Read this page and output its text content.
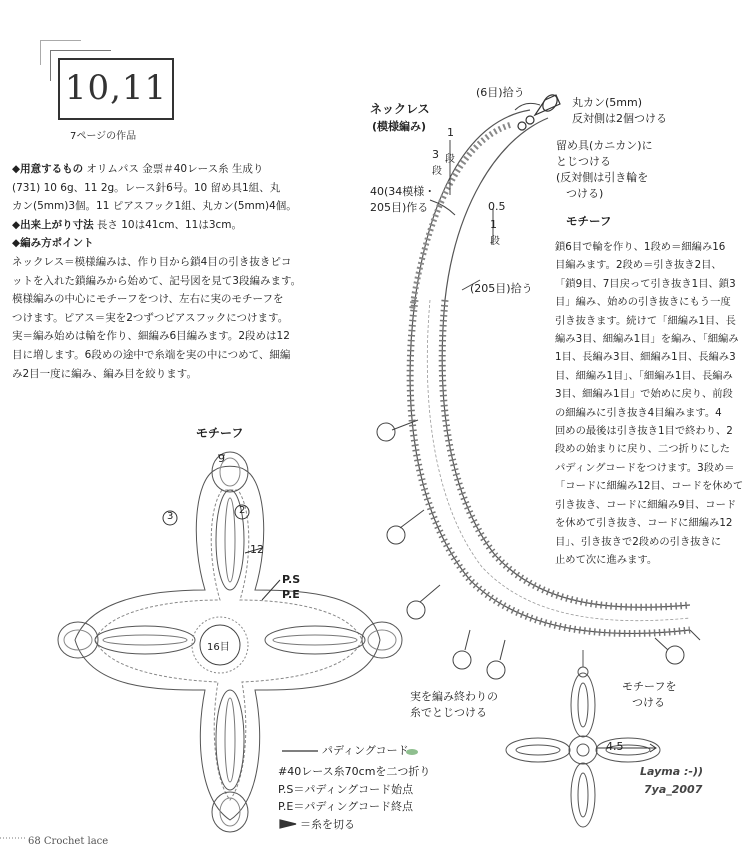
10,11
7ページの作品

◆用意するもの オリムパス 金票＃40レース糸 生成り

(731) 10 6g、11 2g。レース針6号。10 留め具1組、丸

カン(5mm)3個。11 ピアスフック1組、丸カン(5mm)4個。

◆出来上がり寸法 長さ 10は41cm、11は3cm。

◆編み方ポイント

ネックレス＝模様編みは、作り目から鎖4目の引き抜きピコ

ットを入れた鎖編みから始めて、記号図を見て3段編みます。

模様編みの中心にモチーフをつけ、左右に実のモチーフを

つけます。ピアス＝実を2つずつピアスフックにつけます。

実＝編み始めは輪を作り、細編み6目編みます。2段めは12

目に増します。6段めの途中で糸端を実の中につめて、細編

み2目一度に編み、編み目を絞ります。

ネックレス
(模様編み)
(6目)拾う
丸カン(5mm)
反対側は2個つける
留め具(カニカン)に
とじつける
(反対側は引き輪を
つける)
1
段
3
段
40(34模様・
205目)作る	0.5
1
段
(205目)拾う
実を編み終わりの
糸でとじつける
モチーフを
つける
4.5
モチーフ

鎖6目で輪を作り、1段め＝細編み16

目編みます。2段め＝引き抜き2目、

「鎖9目、7目戻って引き抜き1目、鎖3

目」編み、始めの引き抜きにもう一度

引き抜きます。続けて「細編み1目、長

編み3目、細編み1目」を編み、「細編み

1目、長編み3目、細編み1目、長編み3

目、細編み1目」、「細編み1目、長編み

3目、細編み1目」で始めに戻り、前段

の細編みに引き抜き4目編みます。4

回めの最後は引き抜き1目で終わり、2

段めの始まりに戻り、二つ折りにした

パディングコードをつけます。3段め＝

「コードに細編み12目、コードを休めて

引き抜き、コードに細編み9目、コード

を休めて引き抜き、コードに細編み12

目」、引き抜きで2段めの引き抜きに

止めて次に進みます。

モチーフ
9
12
2
3
16目
P.S
P.E
パディングコード
#40レース糸70cmを二つ折り
P.S＝パディングコード始点
P.E＝パディングコード終点
＝糸を切る
68 Crochet lace
Layma :-))
7ya_2007
